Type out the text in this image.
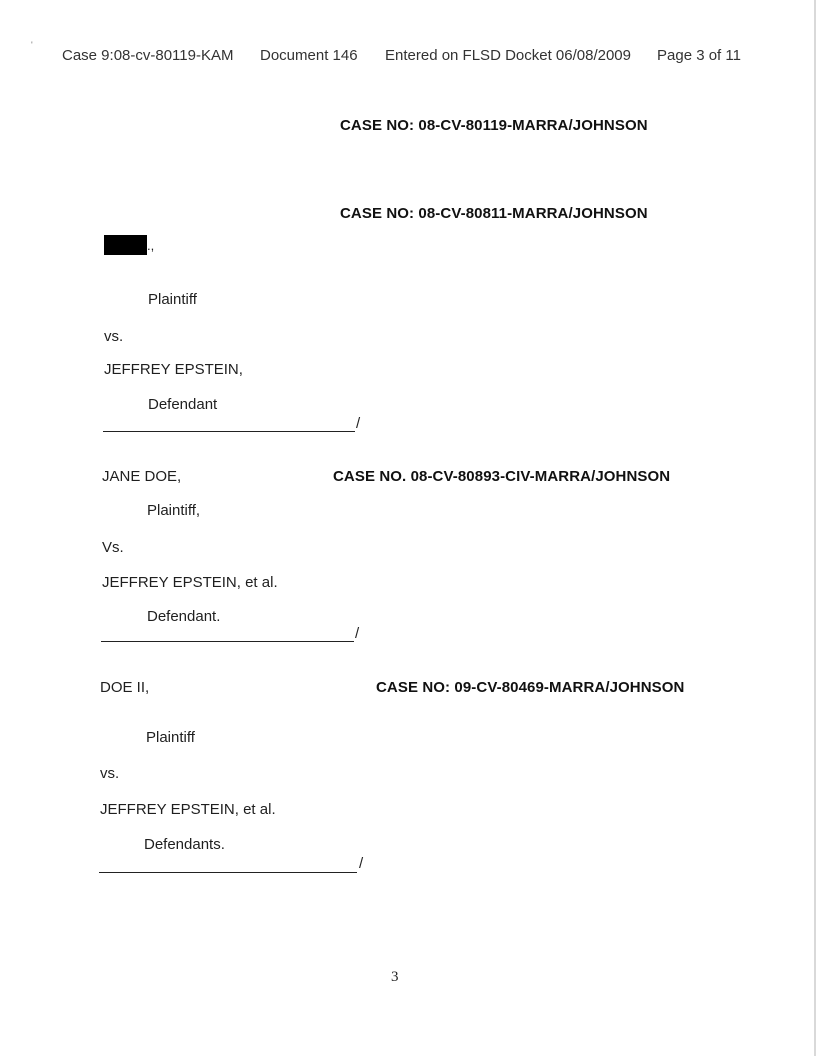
'
Case 9:08-cv-80119-KAM Document 146 Entered on FLSD Docket 06/08/2009 Page 3 of 11
CASE NO: 08-CV-80119-MARRA/JOHNSON
CASE NO: 08-CV-80811-MARRA/JOHNSON
.,
Plaintiff
vs.
JEFFREY EPSTEIN,
Defendant
/
JANE DOE,	CASE NO. 08-CV-80893-CIV-MARRA/JOHNSON
Plaintiff,
Vs.
JEFFREY EPSTEIN, et al.
Defendant.
/
DOE II,	CASE NO: 09-CV-80469-MARRA/JOHNSON
Plaintiff
vs.
JEFFREY EPSTEIN, et al.
Defendants.
/
3
